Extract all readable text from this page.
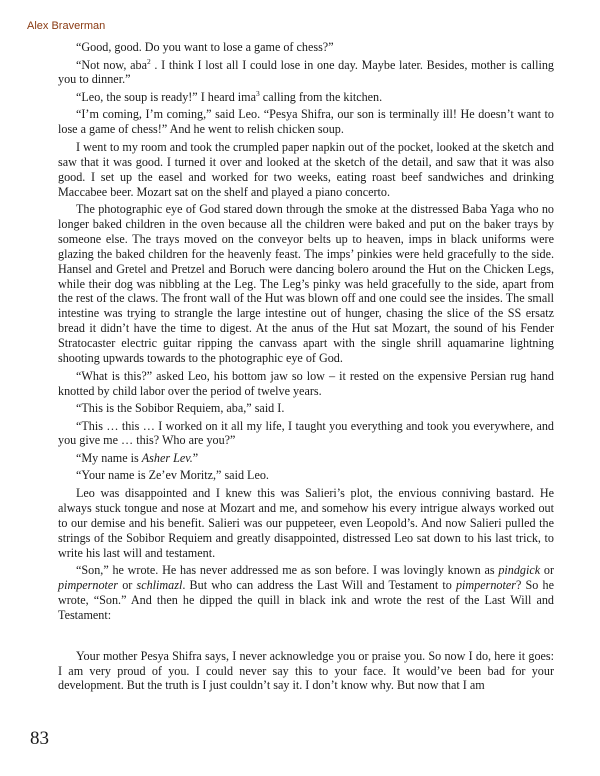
Alex Braverman

“Good, good. Do you want to lose a game of chess?”

“Not now, aba$^2$ . I think I lost all I could lose in one day. Maybe later. Besides, mother is calling you to dinner.”

“Leo, the soup is ready!” I heard ima$^3$ calling from the kitchen.

“I’m coming, I’m coming,” said Leo. “Pesya Shifra, our son is terminally ill! He doesn’t want to lose a game of chess!” And he went to relish chicken soup.

I went to my room and took the crumpled paper napkin out of the pocket, looked at the sketch and saw that it was good. I turned it over and looked at the sketch of the detail, and saw that it was also good. I set up the easel and worked for two weeks, eating roast beef sandwiches and drinking Maccabee beer. Mozart sat on the shelf and played a piano concerto.

The photographic eye of God stared down through the smoke at the distressed Baba Yaga who no longer baked children in the oven because all the children were baked and put on the baker trays by someone else. The trays moved on the conveyor belts up to heaven, imps in black uniforms were glazing the baked children for the heavenly feast. The imps’ pinkies were held gracefully to the side. Hansel and Gretel and Pretzel and Boruch were dancing bolero around the Hut on the Chicken Legs, while their dog was nibbling at the Leg. The Leg’s pinky was held gracefully to the side, apart from the rest of the claws. The front wall of the Hut was blown off and one could see the insides. The small intestine was trying to strangle the large intestine out of hunger, chasing the slice of the SS ersatz bread it didn’t have the time to digest. At the anus of the Hut sat Mozart, the sound of his Fender Stratocaster electric guitar ripping the canvass apart with the single shrill aquamarine lightning shooting upwards towards to the photographic eye of God.

“What is this?” asked Leo, his bottom jaw so low – it rested on the expensive Persian rug hand knotted by child labor over the period of twelve years.

“This is the Sobibor Requiem, aba,” said I.

“This … this … I worked on it all my life, I taught you everything and took you everywhere, and you give me … this? Who are you?”

“My name is Asher Lev.”

“Your name is Ze’ev Moritz,” said Leo.

Leo was disappointed and I knew this was Salieri’s plot, the envious conniving bastard. He always stuck tongue and nose at Mozart and me, and somehow his every intrigue always worked out to our demise and his benefit. Salieri was our puppeteer, even Leopold’s. And now Salieri pulled the strings of the Sobibor Requiem and greatly disappointed, distressed Leo sat down to his last trick, to write his last will and testament.

“Son,” he wrote. He has never addressed me as son before. I was lovingly known as pindgick or pimpernoter or schlimazl. But who can address the Last Will and Testament to pimpernoter? So he wrote, “Son.” And then he dipped the quill in black ink and wrote the rest of the Last Will and Testament:

Your mother Pesya Shifra says, I never acknowledge you or praise you. So now I do, here it goes: I am very proud of you. I could never say this to your face. It would’ve been bad for your development. But the truth is I just couldn’t say it. I don’t know why. But now that I am

83
